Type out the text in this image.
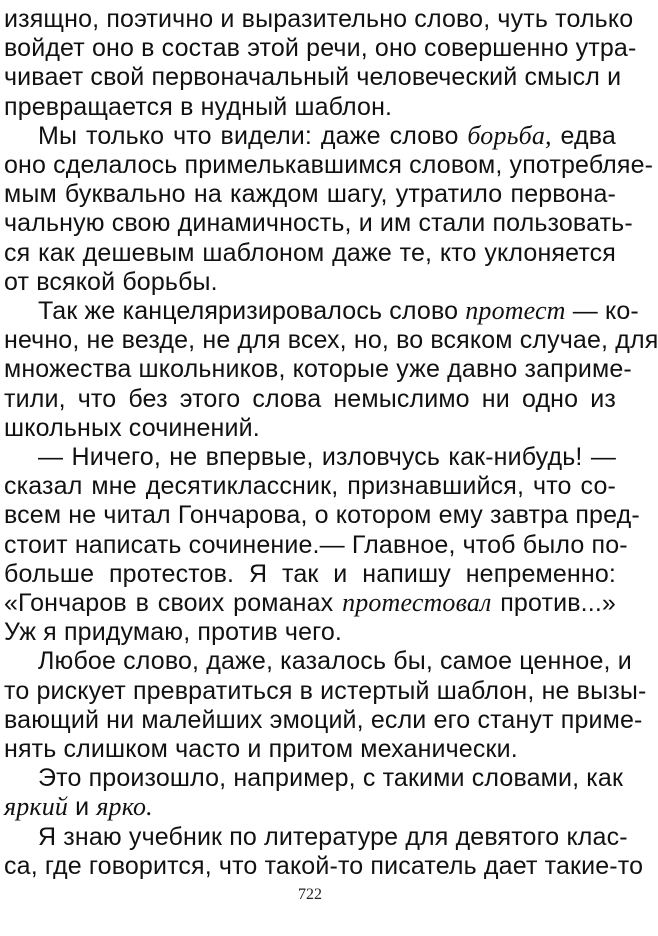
изящно, поэтично и выразительно слово, чуть только
войдет оно в состав этой речи, оно совершенно утра-
чивает свой первоначальный человеческий смысл и
превращается в нудный шаблон.
Мы только что видели: даже слово борьба, едва
оно сделалось примелькавшимся словом, употребляе-
мым буквально на каждом шагу, утратило первона-
чальную свою динамичность, и им стали пользовать-
ся как дешевым шаблоном даже те, кто уклоняется
от всякой борьбы.
Так же канцеляризировалось слово протест — ко-
нечно, не везде, не для всех, но, во всяком случае, для
множества школьников, которые уже давно заприме-
тили, что без этого слова немыслимо ни одно из
школьных сочинений.
— Ничего, не впервые, изловчусь как-нибудь! —
сказал мне десятиклассник, признавшийся, что со-
всем не читал Гончарова, о котором ему завтра пред-
стоит написать сочинение.— Главное, чтоб было по-
больше протестов. Я так и напишу непременно:
«Гончаров в своих романах протестовал против...»
Уж я придумаю, против чего.
Любое слово, даже, казалось бы, самое ценное, и
то рискует превратиться в истертый шаблон, не вызы-
вающий ни малейших эмоций, если его станут приме-
нять слишком часто и притом механически.
Это произошло, например, с такими словами, как
яркий и ярко.
Я знаю учебник по литературе для девятого клас-
са, где говорится, что такой-то писатель дает такие-то
722
